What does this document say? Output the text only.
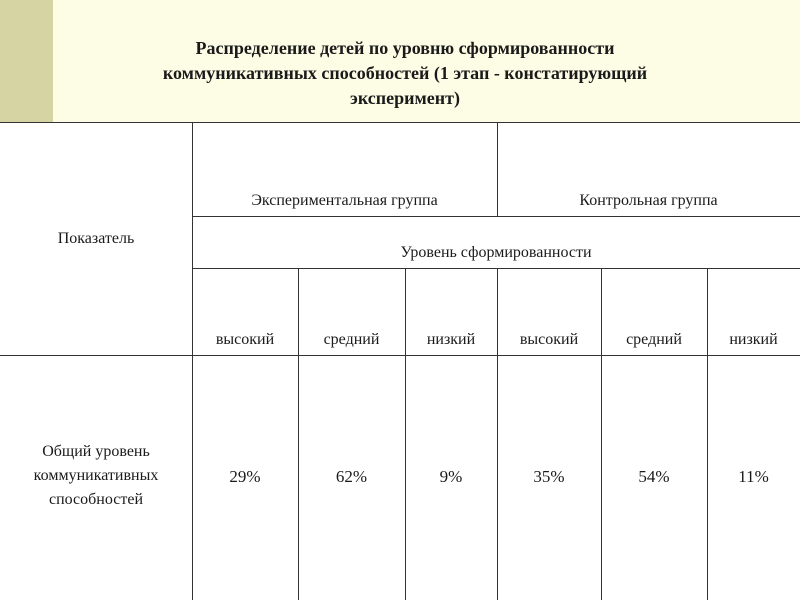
Распределение детей по уровню сформированности
коммуникативных способностей (1 этап - констатирующий
эксперимент)
Показатель
Экспериментальная группа	Контрольная группа
Уровень сформированности
высокий	средний	низкий	высокий	средний	низкий
Общий уровень
коммуникативных
способностей
29%	62%	9%	35%	54%	11%
